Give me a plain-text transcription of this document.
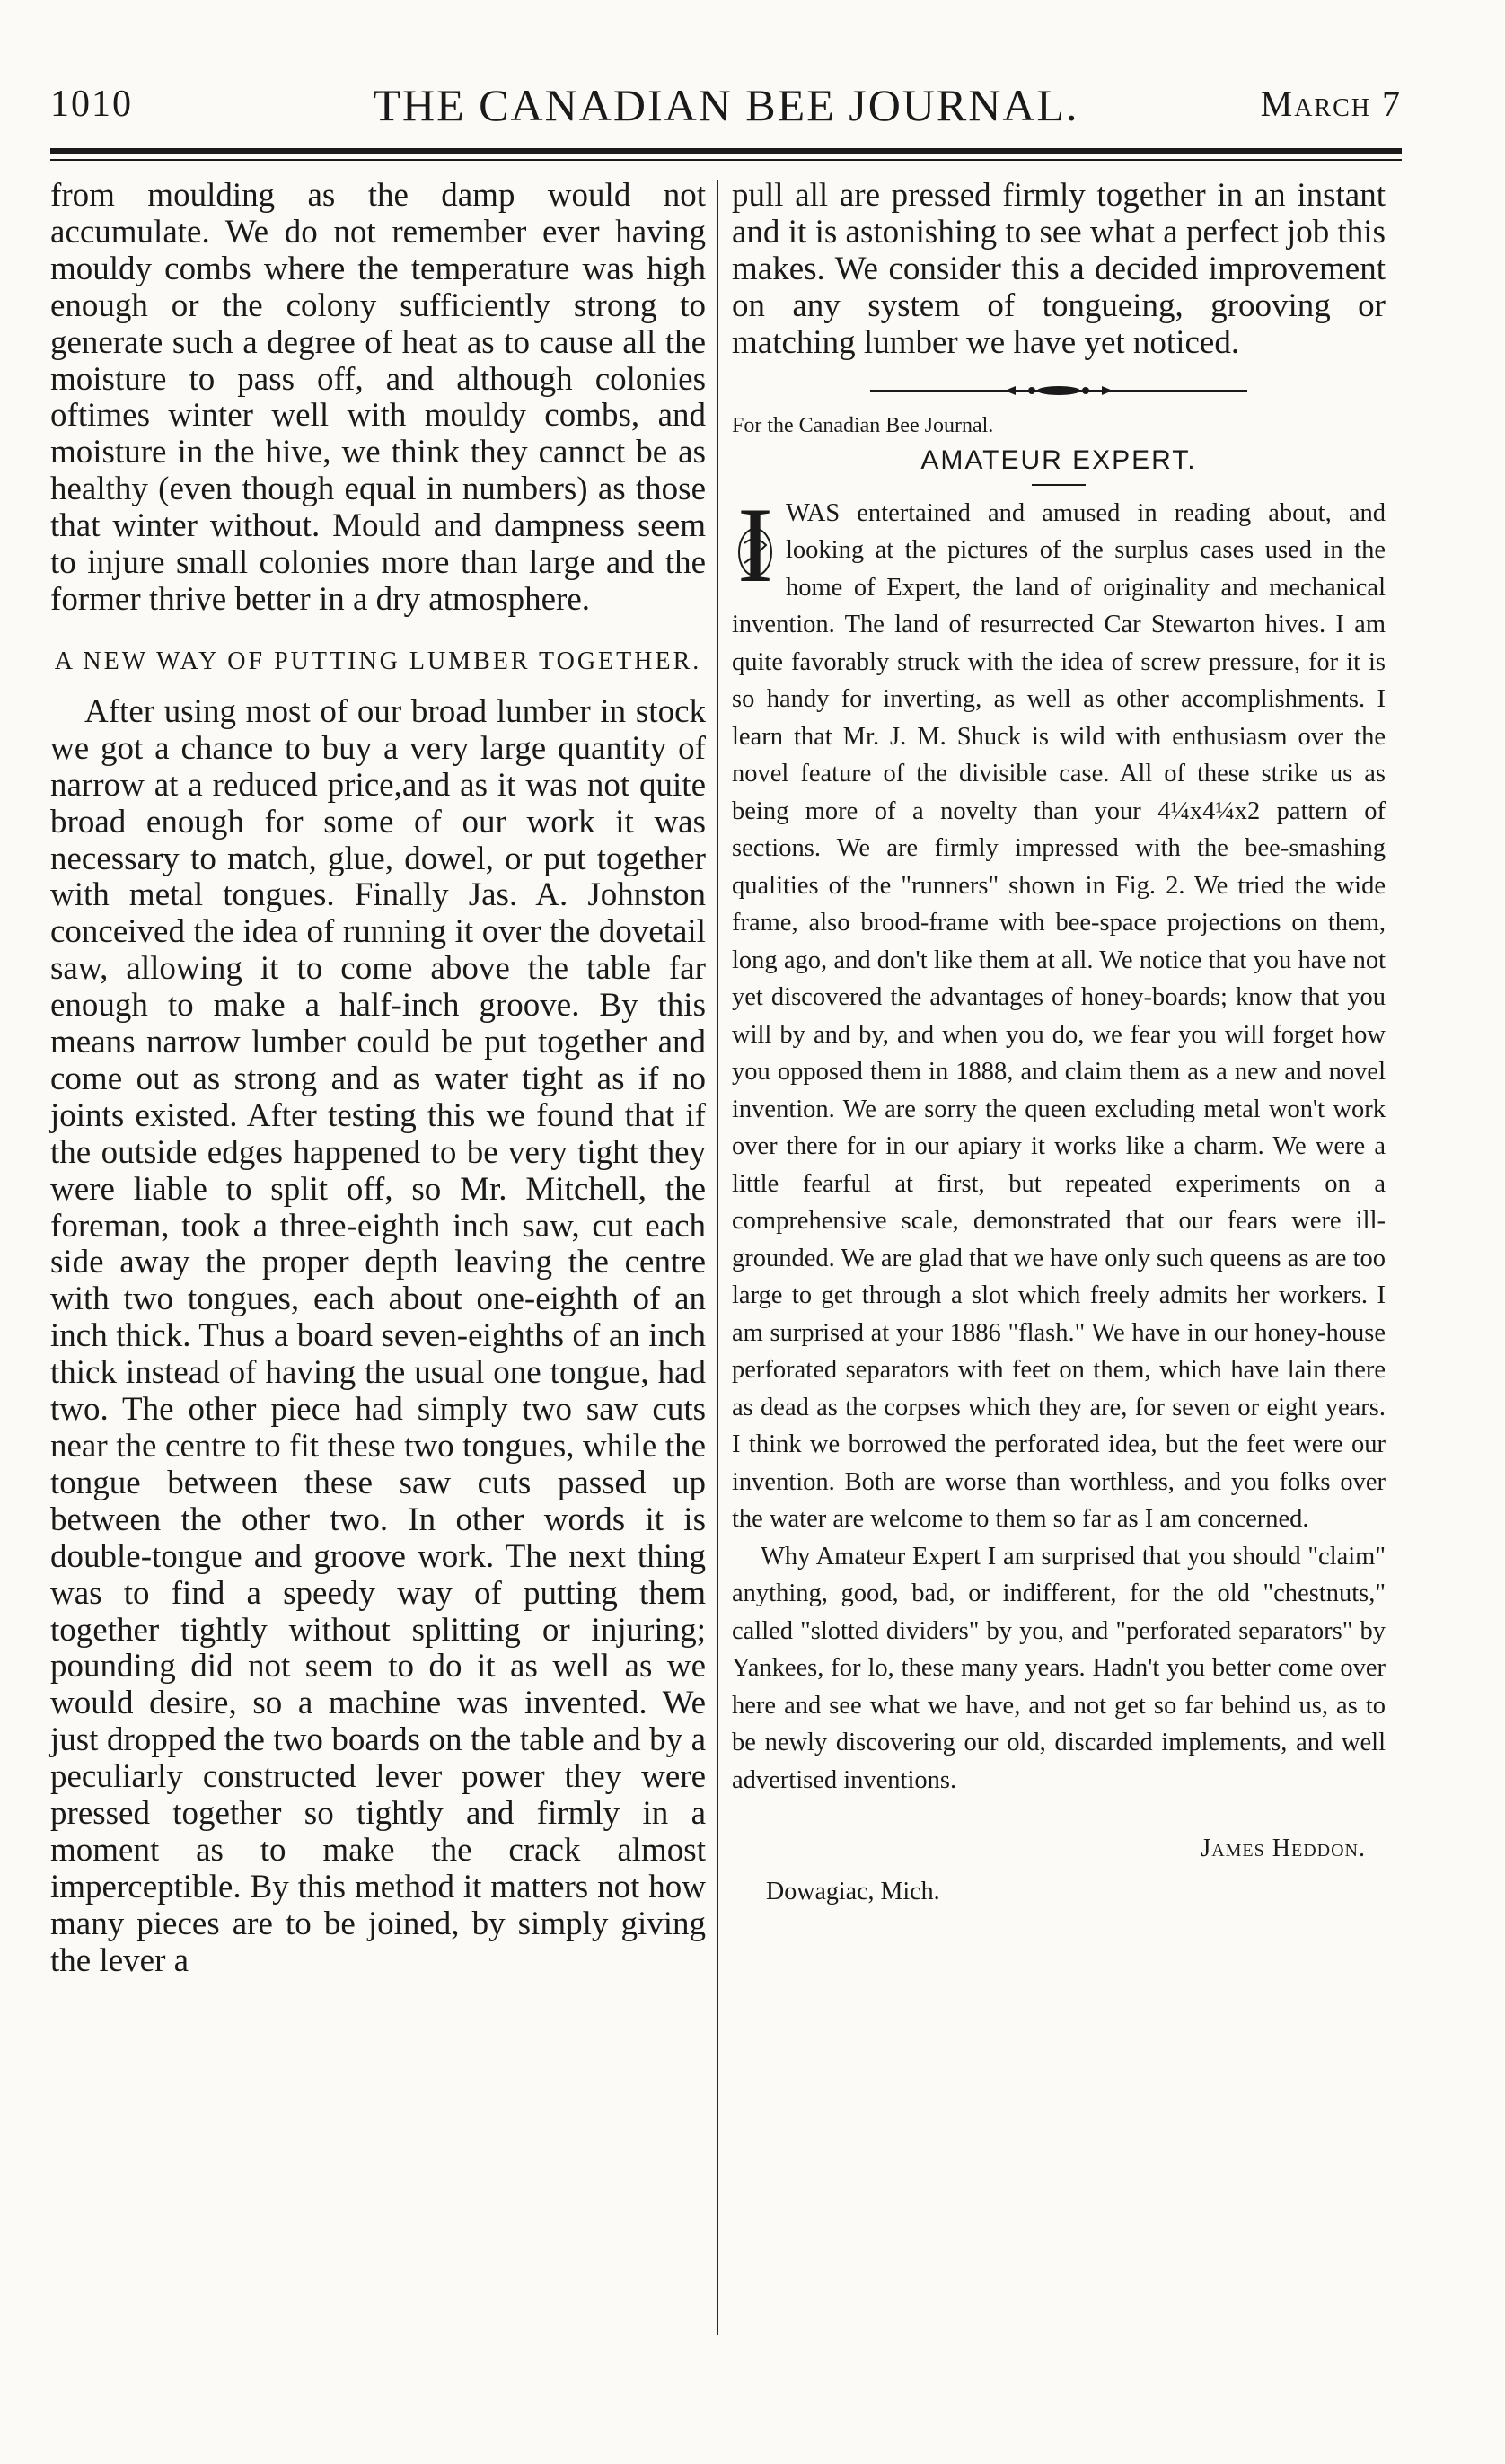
1010	THE CANADIAN BEE JOURNAL.	March 7

from moulding as the damp would not accumulate. We do not remember ever having mouldy combs where the temperature was high enough or the colony sufficiently strong to generate such a degree of heat as to cause all the moisture to pass off, and although colonies oftimes winter well with mouldy combs, and moisture in the hive, we think they cannct be as healthy (even though equal in numbers) as those that winter without. Mould and dampness seem to injure small colonies more than large and the former thrive better in a dry atmosphere.

A NEW WAY OF PUTTING LUMBER TOGETHER.

After using most of our broad lumber in stock we got a chance to buy a very large quantity of narrow at a reduced price,and as it was not quite broad enough for some of our work it was necessary to match, glue, dowel, or put together with metal tongues. Finally Jas. A. Johnston conceived the idea of running it over the dovetail saw, allowing it to come above the table far enough to make a half-inch groove. By this means narrow lumber could be put together and come out as strong and as water tight as if no joints existed. After testing this we found that if the outside edges happened to be very tight they were liable to split off, so Mr. Mitchell, the foreman, took a three-eighth inch saw, cut each side away the proper depth leaving the centre with two tongues, each about one-eighth of an inch thick. Thus a board seven-eighths of an inch thick instead of having the usual one tongue, had two. The other piece had simply two saw cuts near the centre to fit these two tongues, while the tongue between these saw cuts passed up between the other two. In other words it is double-tongue and groove work. The next thing was to find a speedy way of putting them together tightly without splitting or injuring; pounding did not seem to do it as well as we would desire, so a machine was invented. We just dropped the two boards on the table and by a peculiarly constructed lever power they were pressed together so tightly and firmly in a moment as to make the crack almost imperceptible. By this method it matters not how many pieces are to be joined, by simply giving the lever a

pull all are pressed firmly together in an instant and it is astonishing to see what a perfect job this makes. We consider this a decided improvement on any system of tongueing, grooving or matching lumber we have yet noticed.

For the Canadian Bee Journal.

AMATEUR EXPERT.
I WAS entertained and amused in reading about, and looking at the pictures of the surplus cases used in the home of Expert, the land of originality and mechanical invention. The land of resurrected Car Stewarton hives. I am quite favorably struck with the idea of screw pressure, for it is so handy for inverting, as well as other accomplishments. I learn that Mr. J. M. Shuck is wild with enthusiasm over the novel feature of the divisible case. All of these strike us as being more of a novelty than your 4¼x4¼x2 pattern of sections. We are firmly impressed with the bee-smashing qualities of the "runners" shown in Fig. 2. We tried the wide frame, also brood-frame with bee-space projections on them, long ago, and don't like them at all. We notice that you have not yet discovered the advantages of honey-boards; know that you will by and by, and when you do, we fear you will forget how you opposed them in 1888, and claim them as a new and novel invention. We are sorry the queen excluding metal won't work over there for in our apiary it works like a charm. We were a little fearful at first, but repeated experiments on a comprehensive scale, demonstrated that our fears were ill-grounded. We are glad that we have only such queens as are too large to get through a slot which freely admits her workers. I am surprised at your 1886 "flash." We have in our honey-house perforated separators with feet on them, which have lain there as dead as the corpses which they are, for seven or eight years. I think we borrowed the perforated idea, but the feet were our invention. Both are worse than worthless, and you folks over the water are welcome to them so far as I am concerned.

Why Amateur Expert I am surprised that you should "claim" anything, good, bad, or indifferent, for the old "chestnuts," called "slotted dividers" by you, and "perforated separators" by Yankees, for lo, these many years. Hadn't you better come over here and see what we have, and not get so far behind us, as to be newly discovering our old, discarded implements, and well advertised inventions.

James Heddon.
Dowagiac, Mich.
